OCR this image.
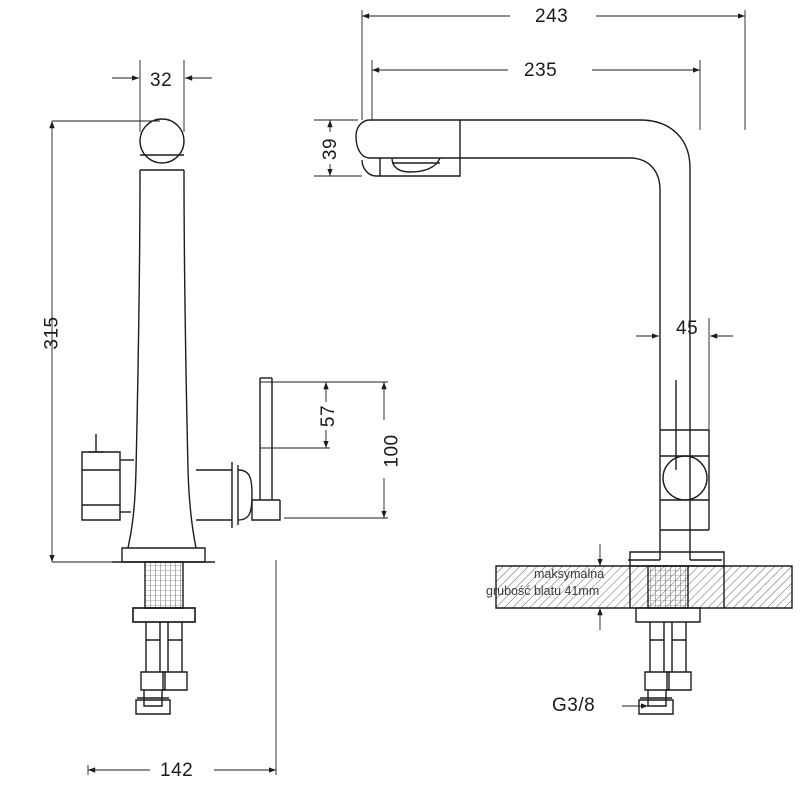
32
315
142
57
100
243
235
39
45
G3/8
maksymalna
grubość blatu 41mm
